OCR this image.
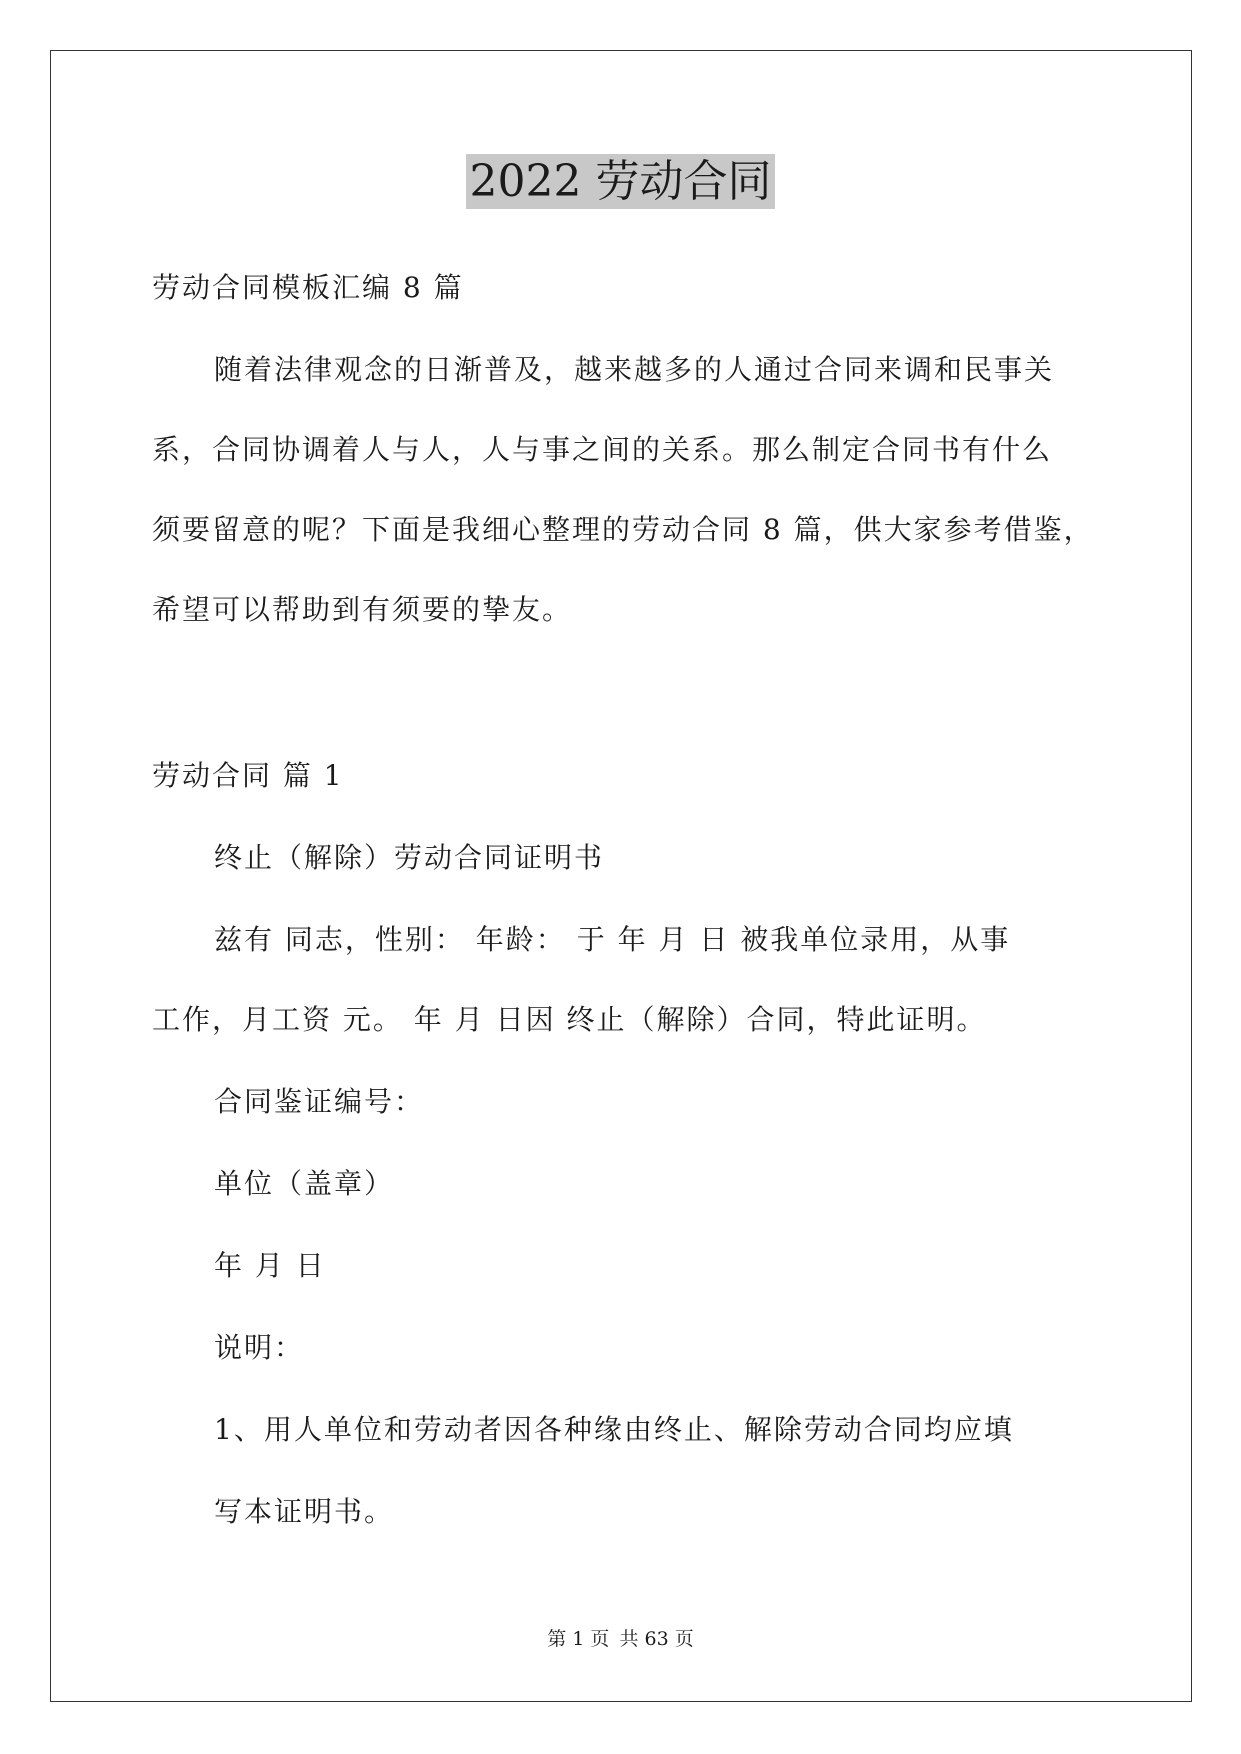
2022 劳动合同

劳动合同模板汇编 8 篇

随着法律观念的日渐普及，越来越多的人通过合同来调和民事关

系，合同协调着人与人，人与事之间的关系。那么制定合同书有什么

须要留意的呢？下面是我细心整理的劳动合同 8 篇，供大家参考借鉴，

希望可以帮助到有须要的挚友。

劳动合同 篇 1

终止（解除）劳动合同证明书

兹有 同志，性别： 年龄： 于 年 月 日 被我单位录用，从事

工作，月工资 元。 年 月 日因 终止（解除）合同，特此证明。

合同鉴证编号：

单位（盖章）

年 月 日

说明：

1、用人单位和劳动者因各种缘由终止、解除劳动合同均应填

写本证明书。

第 1 页 共 63 页
